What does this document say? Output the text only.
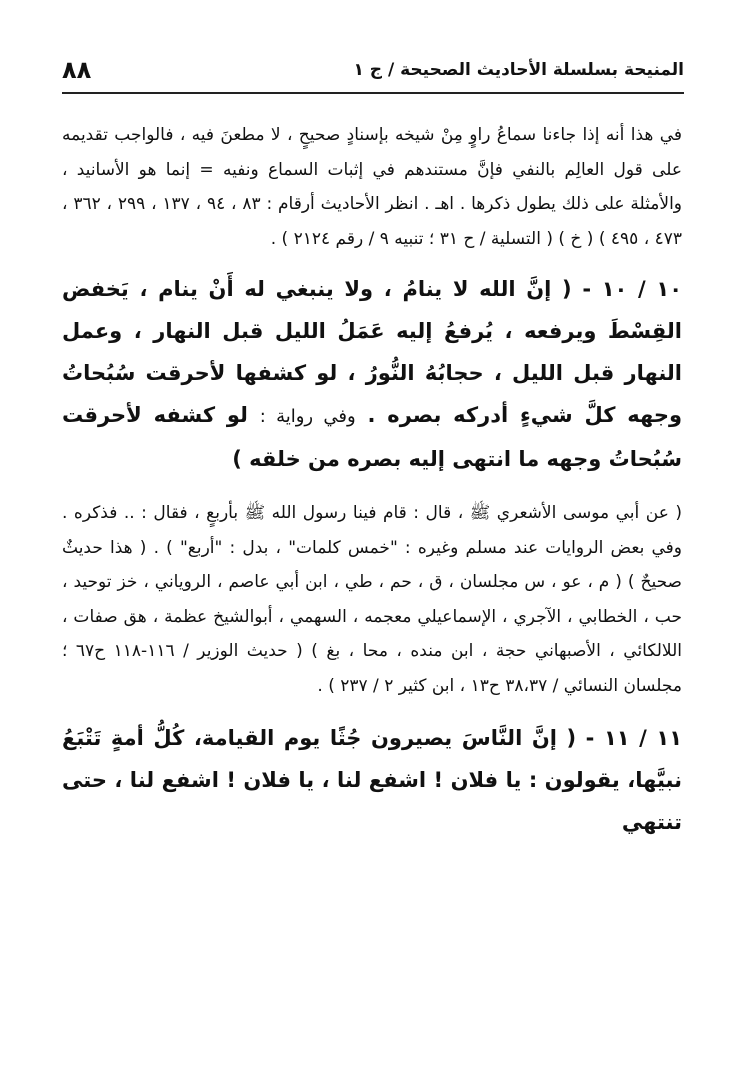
المنيحة بسلسلة الأحاديث الصحيحة / ج ١
٨٨

في هذا أنه إذا جاءنا سماعُ راوٍ مِنْ شيخه بإسنادٍ صحيحٍ ، لا مطعنَ فيه ، فالواجب تقديمه على قول العالِم بالنفي فإنَّ مستندهم في إثبات السماع ونفيه = إنما هو الأسانيد ، والأمثلة على ذلك يطول ذكرها . اهـ . انظر الأحاديث أرقام : ٨٣ ، ٩٤ ، ١٣٧ ، ٢٩٩ ، ٣٦٢ ، ٤٧٣ ، ٤٩٥ ) ( خ ) ( التسلية / ح ٣١ ؛ تنبيه ٩ / رقم ٢١٢٤ ) .

١٠ / ١٠ - ( إنَّ الله لا ينامُ ، ولا ينبغي له أَنْ ينام ، يَخفض القِسْطَ ويرفعه ، يُرفعُ إليه عَمَلُ الليل قبل النهار ، وعمل النهار قبل الليل ، حجابُهُ النُّورُ ، لو كشفها لأحرقت سُبُحاتُ وجهه كلَّ شيءٍ أدركه بصره . وفي رواية : لو كشفه لأحرقت سُبُحاتُ وجهه ما انتهى إليه بصره من خلقه )

( عن أبي موسى الأشعري ﷺ ، قال : قام فينا رسول الله ﷺ بأربعٍ ، فقال : .. فذكره . وفي بعض الروايات عند مسلم وغيره : "خمس كلمات" ، بدل : "أربع" ) . ( هذا حديثٌ صحيحٌ ) ( م ، عو ، س مجلسان ، ق ، حم ، طي ، ابن أبي عاصم ، الروياني ، خز توحيد ، حب ، الخطابي ، الآجري ، الإسماعيلي معجمه ، السهمي ، أبوالشيخ عظمة ، هق صفات ، اللالكائي ، الأصبهاني حجة ، ابن منده ، محا ، بغ ) ( حديث الوزير / ١١٦-١١٨ ح٦٧ ؛ مجلسان النسائي / ٣٨،٣٧ ح١٣ ، ابن كثير ٢ / ٢٣٧ ) .

١١ / ١١ - ( إنَّ النَّاسَ يصيرون جُثًا يوم القيامة، كُلُّ أمةٍ تَتْبَعُ نبيَّها، يقولون : يا فلان ! اشفع لنا ، يا فلان ! اشفع لنا ، حتى تنتهي
